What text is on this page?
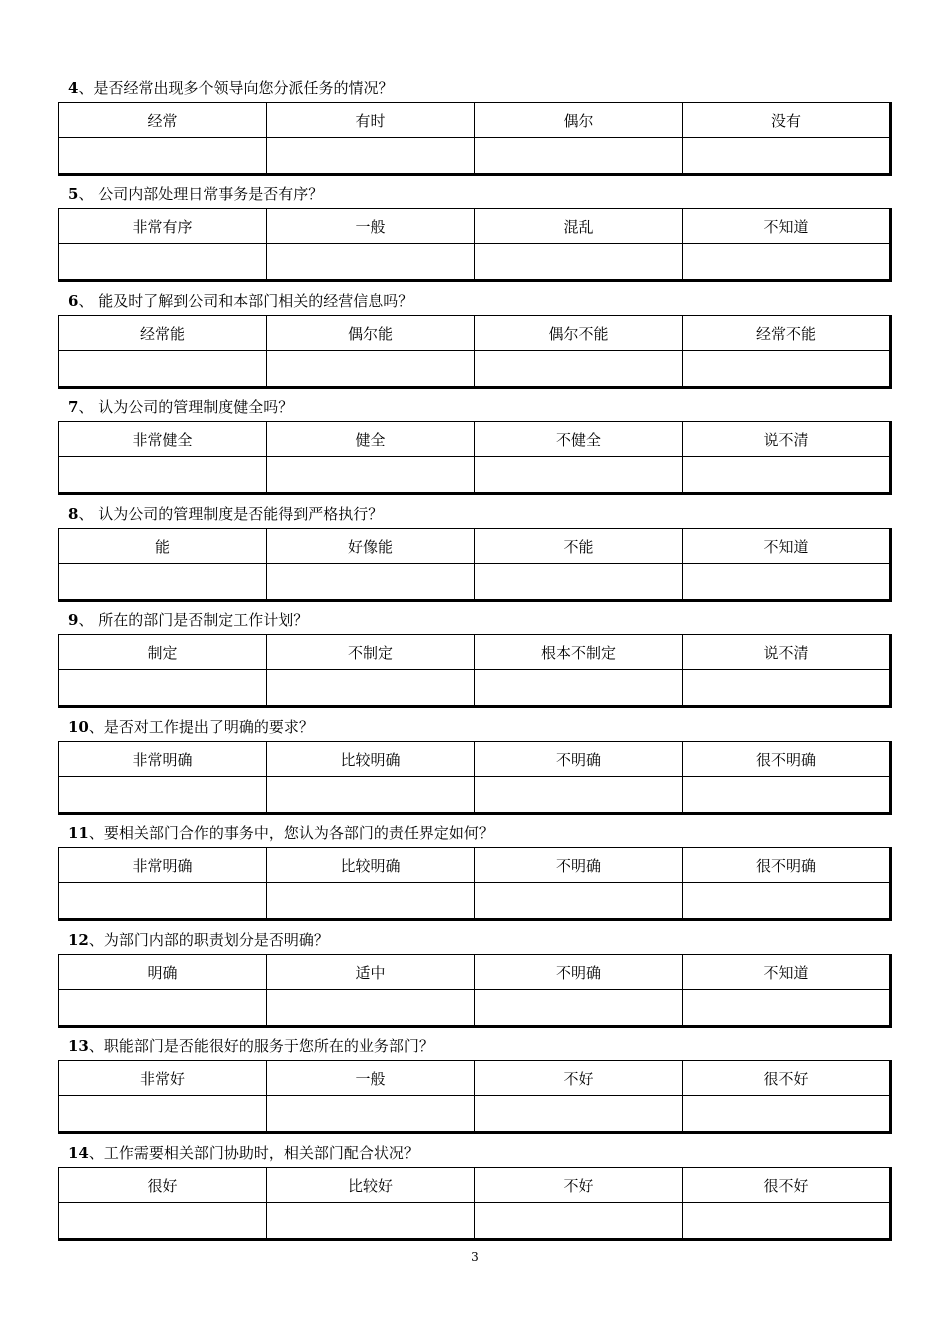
4、是否经常出现多个领导向您分派任务的情况？
经常	有时	偶尔	没有

5、 公司内部处理日常事务是否有序？
非常有序	一般	混乱	不知道

6、 能及时了解到公司和本部门相关的经营信息吗？
经常能	偶尔能	偶尔不能	经常不能

7、 认为公司的管理制度健全吗？
非常健全	健全	不健全	说不清

8、 认为公司的管理制度是否能得到严格执行？
能	好像能	不能	不知道

9、 所在的部门是否制定工作计划？
制定	不制定	根本不制定	说不清

10、是否对工作提出了明确的要求？
非常明确	比较明确	不明确	很不明确

11、要相关部门合作的事务中，您认为各部门的责任界定如何？
非常明确	比较明确	不明确	很不明确

12、为部门内部的职责划分是否明确？
明确	适中	不明确	不知道

13、职能部门是否能很好的服务于您所在的业务部门？
非常好	一般	不好	很不好

14、工作需要相关部门协助时，相关部门配合状况？
很好	比较好	不好	很不好

3
